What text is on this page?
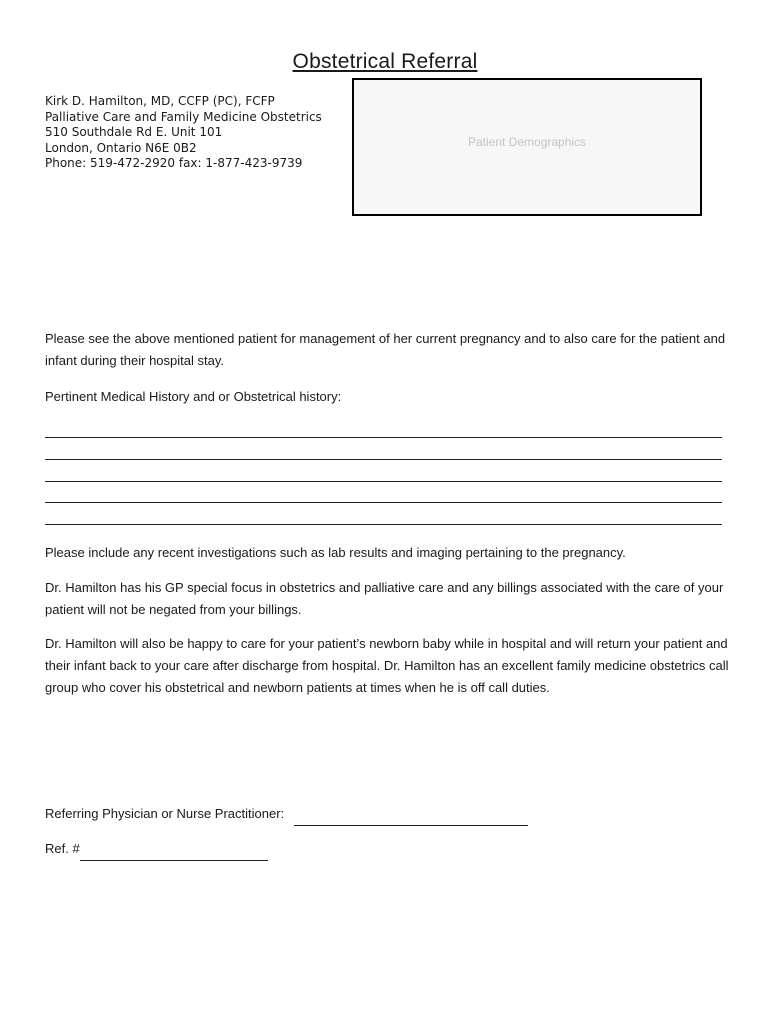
Obstetrical Referral
Kirk D. Hamilton, MD, CCFP (PC), FCFP
Palliative Care and Family Medicine Obstetrics
510 Southdale Rd E. Unit 101
London, Ontario N6E 0B2
Phone: 519-472-2920 fax: 1-877-423-9739
Patient Demographics
Please see the above mentioned patient for management of her current pregnancy and to also care for the patient and infant during their hospital stay.
Pertinent Medical History and or Obstetrical history:
Please include any recent investigations such as lab results and imaging pertaining to the pregnancy.
Dr. Hamilton has his GP special focus in obstetrics and palliative care and any billings associated with the care of your patient will not be negated from your billings.
Dr. Hamilton will also be happy to care for your patient’s newborn baby while in hospital and will return your patient and their infant back to your care after discharge from hospital. Dr. Hamilton has an excellent family medicine obstetrics call group who cover his obstetrical and newborn patients at times when he is off call duties.
Referring Physician or Nurse Practitioner:
Ref. #
